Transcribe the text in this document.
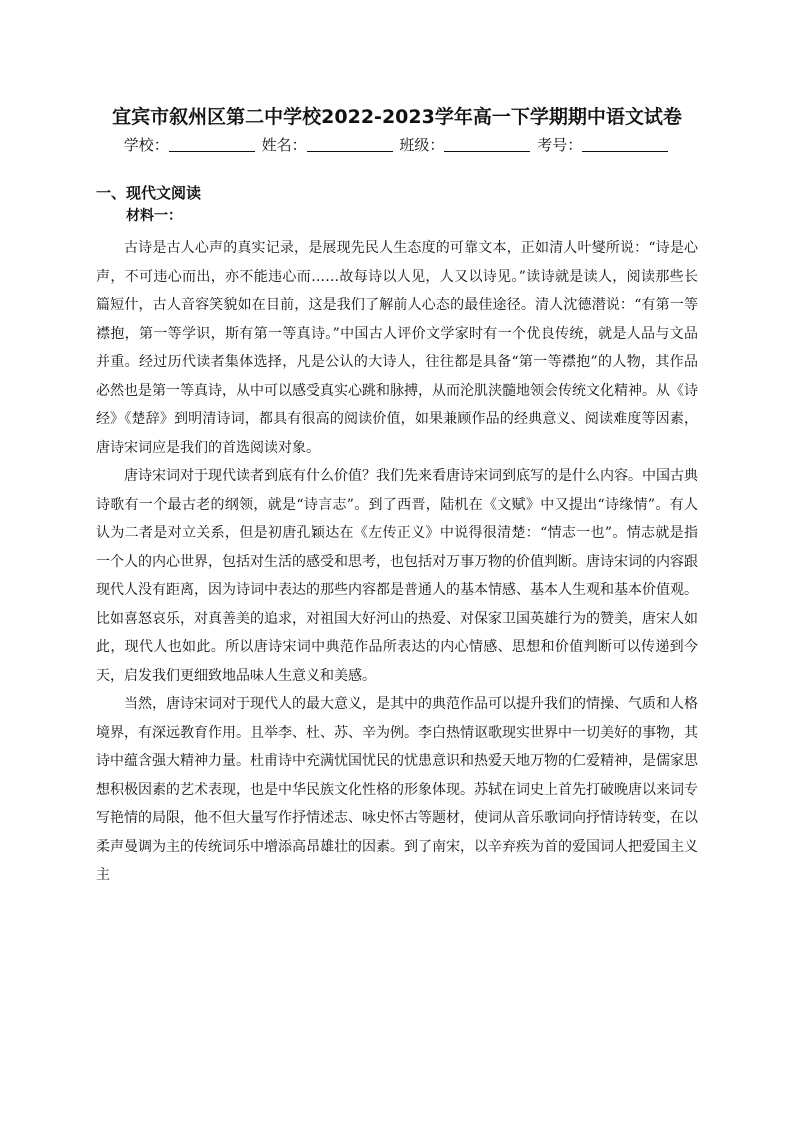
宜宾市叙州区第二中学校2022-2023学年高一下学期期中语文试卷
学校：	姓名：	班级：	考号：
一、现代文阅读
材料一：

古诗是古人心声的真实记录，是展现先民人生态度的可靠文本，正如清人叶燮所说：“诗是心声，不可违心而出，亦不能违心而……故每诗以人见，人又以诗见。”读诗就是读人，阅读那些长篇短什，古人音容笑貌如在目前，这是我们了解前人心态的最佳途径。清人沈德潜说：“有第一等襟抱，第一等学识，斯有第一等真诗。”中国古人评价文学家时有一个优良传统，就是人品与文品并重。经过历代读者集体选择，凡是公认的大诗人，往往都是具备“第一等襟抱”的人物，其作品必然也是第一等真诗，从中可以感受真实心跳和脉搏，从而沦肌浃髓地领会传统文化精神。从《诗经》《楚辞》到明清诗词，都具有很高的阅读价值，如果兼顾作品的经典意义、阅读难度等因素，唐诗宋词应是我们的首选阅读对象。

唐诗宋词对于现代读者到底有什么价值？我们先来看唐诗宋词到底写的是什么内容。中国古典诗歌有一个最古老的纲领，就是“诗言志”。到了西晋，陆机在《文赋》中又提出“诗缘情”。有人认为二者是对立关系，但是初唐孔颖达在《左传正义》中说得很清楚：“情志一也”。情志就是指一个人的内心世界，包括对生活的感受和思考，也包括对万事万物的价值判断。唐诗宋词的内容跟现代人没有距离，因为诗词中表达的那些内容都是普通人的基本情感、基本人生观和基本价值观。比如喜怒哀乐，对真善美的追求，对祖国大好河山的热爱、对保家卫国英雄行为的赞美，唐宋人如此，现代人也如此。所以唐诗宋词中典范作品所表达的内心情感、思想和价值判断可以传递到今天，启发我们更细致地品味人生意义和美感。

当然，唐诗宋词对于现代人的最大意义，是其中的典范作品可以提升我们的情操、气质和人格境界，有深远教育作用。且举李、杜、苏、辛为例。李白热情讴歌现实世界中一切美好的事物，其诗中蕴含强大精神力量。杜甫诗中充满忧国忧民的忧患意识和热爱天地万物的仁爱精神，是儒家思想积极因素的艺术表现，也是中华民族文化性格的形象体现。苏轼在词史上首先打破晚唐以来词专写艳情的局限，他不但大量写作抒情述志、咏史怀古等题材，使词从音乐歌词向抒情诗转变，在以柔声曼调为主的传统词乐中增添高昂雄壮的因素。到了南宋，以辛弃疾为首的爱国词人把爱国主义主
